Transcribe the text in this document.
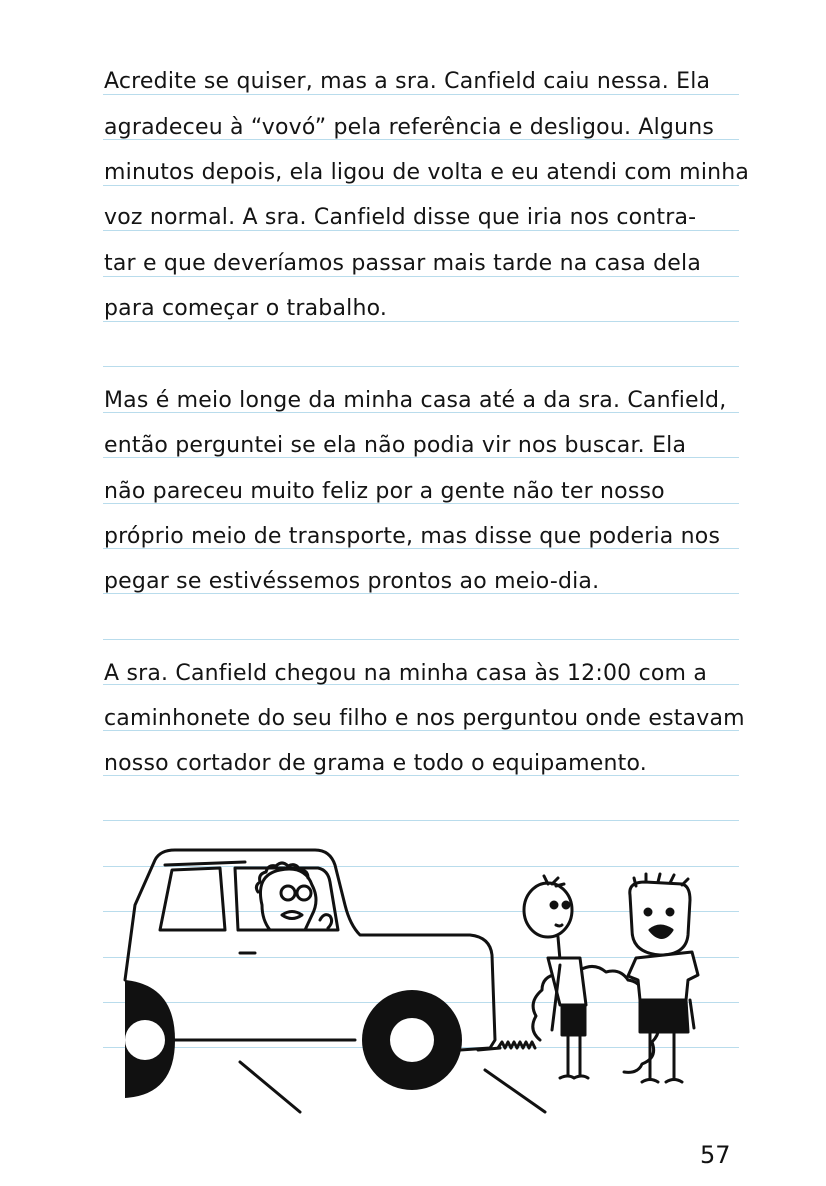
Acredite se quiser, mas a sra. Canfield caiu nessa. Ela
agradeceu à “vovó” pela referência e desligou. Alguns
minutos depois, ela ligou de volta e eu atendi com minha
voz normal. A sra. Canfield disse que iria nos contra-
tar e que deveríamos passar mais tarde na casa dela
para começar o trabalho.
Mas é meio longe da minha casa até a da sra. Canfield,
então perguntei se ela não podia vir nos buscar. Ela
não pareceu muito feliz por a gente não ter nosso
próprio meio de transporte, mas disse que poderia nos
pegar se estivéssemos prontos ao meio-dia.
A sra. Canfield chegou na minha casa às 12:00 com a
caminhonete do seu filho e nos perguntou onde estavam
nosso cortador de grama e todo o equipamento.
57
